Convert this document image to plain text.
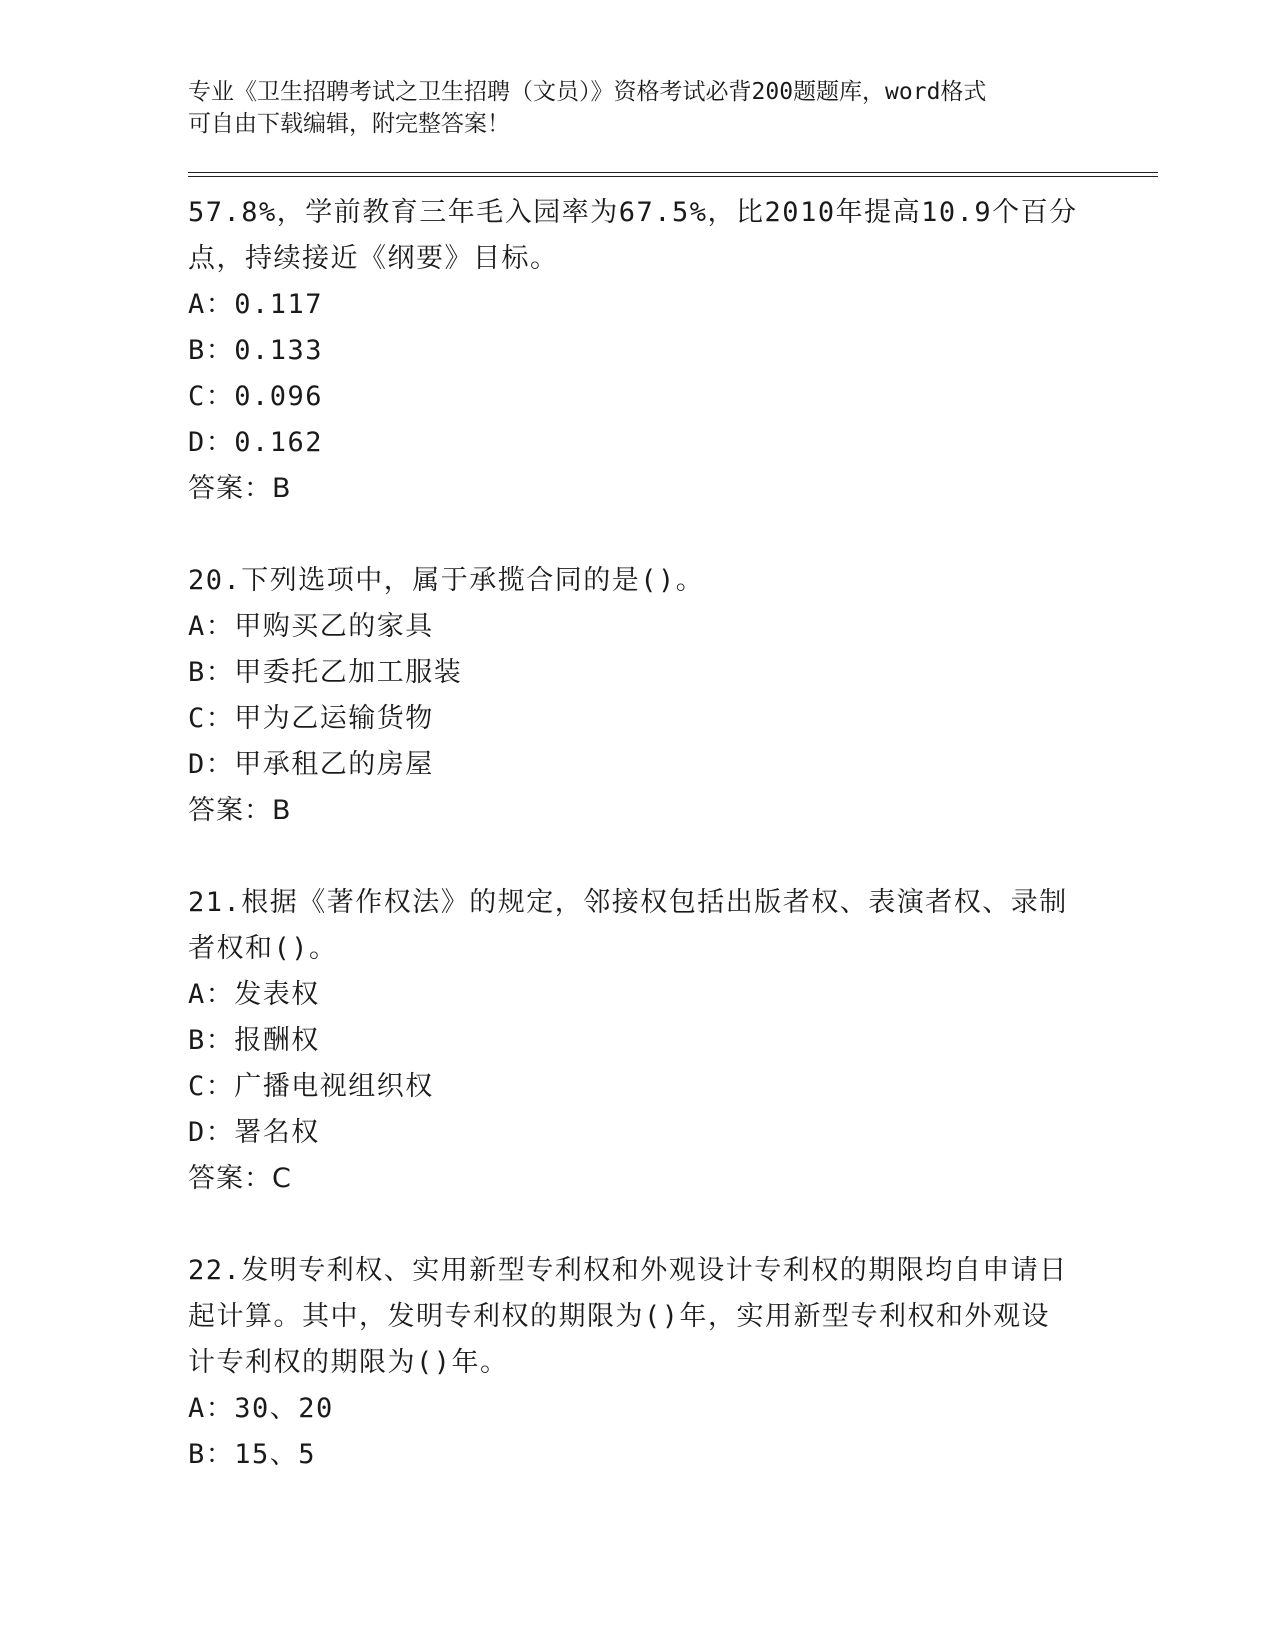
专业《卫生招聘考试之卫生招聘（文员）》资格考试必背200题题库，word格式
可自由下载编辑，附完整答案！
57.8%，学前教育三年毛入园率为67.5%，比2010年提高10.9个百分
点，持续接近《纲要》目标。
A：0.117
B：0.133
C：0.096
D：0.162
答案：B
20.下列选项中，属于承揽合同的是()。
A：甲购买乙的家具
B：甲委托乙加工服装
C：甲为乙运输货物
D：甲承租乙的房屋
答案：B
21.根据《著作权法》的规定，邻接权包括出版者权、表演者权、录制
者权和()。
A：发表权
B：报酬权
C：广播电视组织权
D：署名权
答案：C
22.发明专利权、实用新型专利权和外观设计专利权的期限均自申请日
起计算。其中，发明专利权的期限为()年，实用新型专利权和外观设
计专利权的期限为()年。
A：30、20
B：15、5
